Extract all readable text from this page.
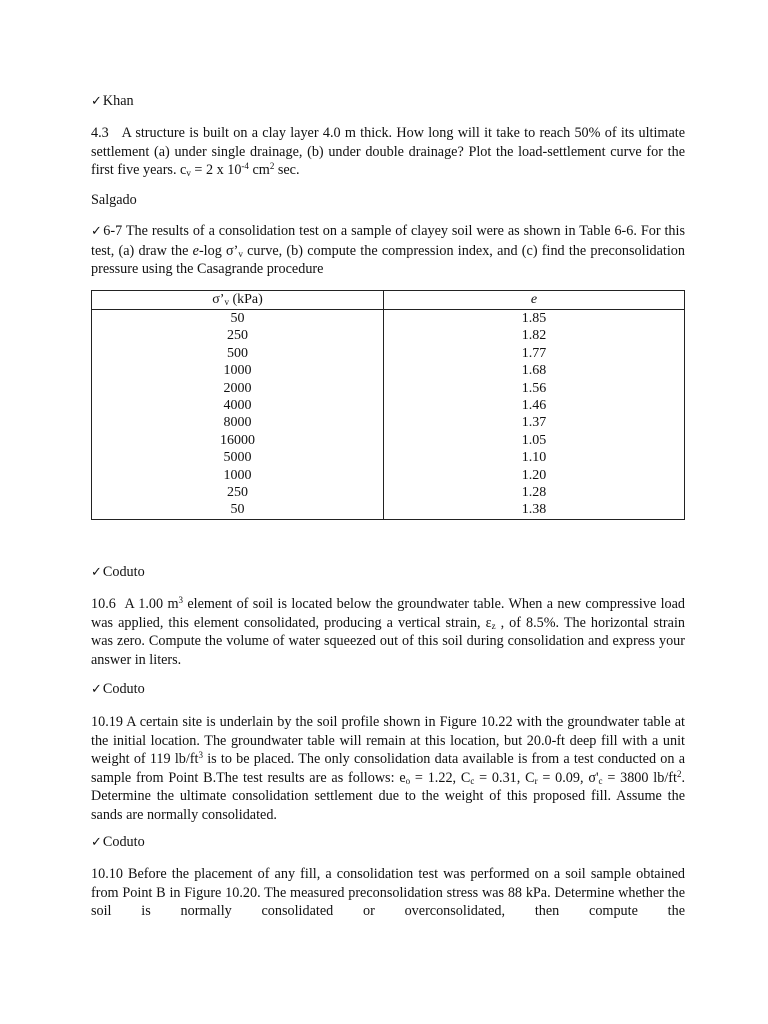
✓Khan

4.3 A structure is built on a clay layer 4.0 m thick. How long will it take to reach 50% of its ultimate settlement (a) under single drainage, (b) under double drainage? Plot the load-settlement curve for the first five years. $c_v = 2$ x $10^{-4}$ $cm^2$ sec.

Salgado

✓6-7 The results of a consolidation test on a sample of clayey soil were as shown in Table 6-6. For this test, (a) draw the e-log $\sigma’_v$ curve, (b) compute the compression index, and (c) find the preconsolidation pressure using the Casagrande procedure

$\sigma’_v$ (kPa)	e
50	1.85
250	1.82
500	1.77
1000	1.68
2000	1.56
4000	1.46
8000	1.37
16000	1.05
5000	1.10
1000	1.20
250	1.28
50	1.38

✓Coduto

10.6 A 1.00 $m^3$ element of soil is located below the groundwater table. When a new compressive load was applied, this element consolidated, producing a vertical strain, $\varepsilon_z$ , of 8.5%. The horizontal strain was zero. Compute the volume of water squeezed out of this soil during consolidation and express your answer in liters.

✓Coduto

10.19 A certain site is underlain by the soil profile shown in Figure 10.22 with the groundwater table at the initial location. The groundwater table will remain at this location, but 20.0-ft deep fill with a unit weight of 119 $lb/ft^3$ is to be placed. The only consolidation data available is from a test conducted on a sample from Point B.The test results are as follows: $e_o = 1.22$, $C_c = 0.31$, $C_r = 0.09$, $\sigma'_c = 3800$ $lb/ft^2$. Determine the ultimate consolidation settlement due to the weight of this proposed fill. Assume the sands are normally consolidated.

✓Coduto

10.10 Before the placement of any fill, a consolidation test was performed on a soil sample obtained from Point B in Figure 10.20. The measured preconsolidation stress was 88 kPa. Determine whether the soil is normally consolidated or overconsolidated, then compute the
